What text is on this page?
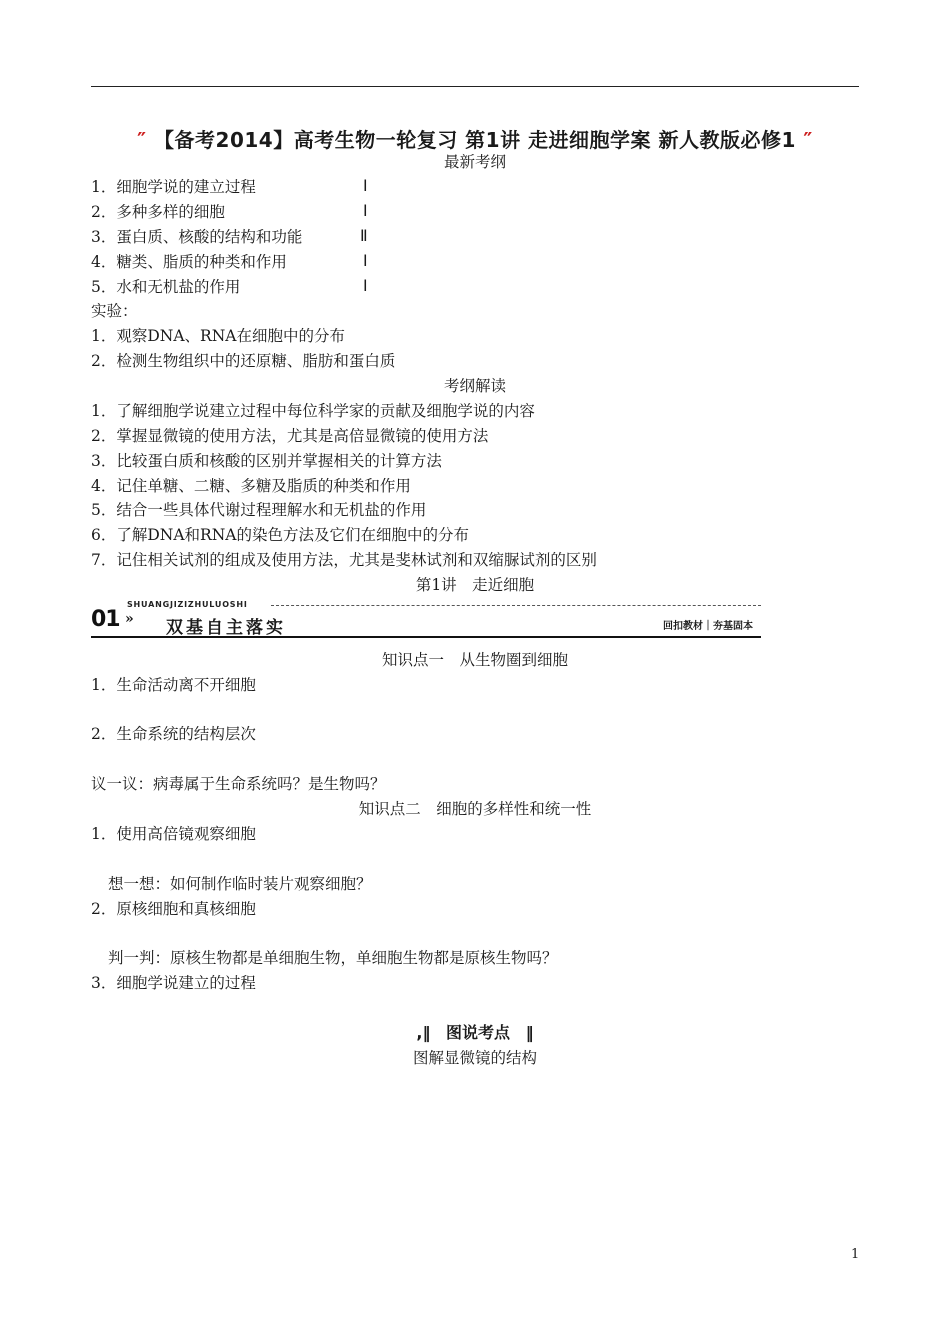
″ 【备考2014】高考生物一轮复习 第1讲 走进细胞学案 新人教版必修1 ″
最新考纲
1．细胞学说的建立过程	Ⅰ
2．多种多样的细胞	Ⅰ
3．蛋白质、核酸的结构和功能	Ⅱ
4．糖类、脂质的种类和作用	Ⅰ
5．水和无机盐的作用	Ⅰ
实验：
1．观察DNA、RNA在细胞中的分布
2．检测生物组织中的还原糖、脂肪和蛋白质
考纲解读
1．了解细胞学说建立过程中每位科学家的贡献及细胞学说的内容
2．掌握显微镜的使用方法，尤其是高倍显微镜的使用方法
3．比较蛋白质和核酸的区别并掌握相关的计算方法
4．记住单糖、二糖、多糖及脂质的种类和作用
5．结合一些具体代谢过程理解水和无机盐的作用
6．了解DNA和RNA的染色方法及它们在细胞中的分布
7．记住相关试剂的组成及使用方法，尤其是斐林试剂和双缩脲试剂的区别
第1讲　走近细胞
01
SHUANGJIZIZHULUOSHI
» 双基自主落实	回扣教材｜夯基固本
知识点一　从生物圈到细胞
1．生命活动离不开细胞
2．生命系统的结构层次
议一议：病毒属于生命系统吗？是生物吗？
知识点二　细胞的多样性和统一性
1．使用高倍镜观察细胞
想一想：如何制作临时装片观察细胞？
2．原核细胞和真核细胞
判一判：原核生物都是单细胞生物，单细胞生物都是原核生物吗？
3．细胞学说建立的过程
,‖ 图说考点 ‖
图解显微镜的结构
1
